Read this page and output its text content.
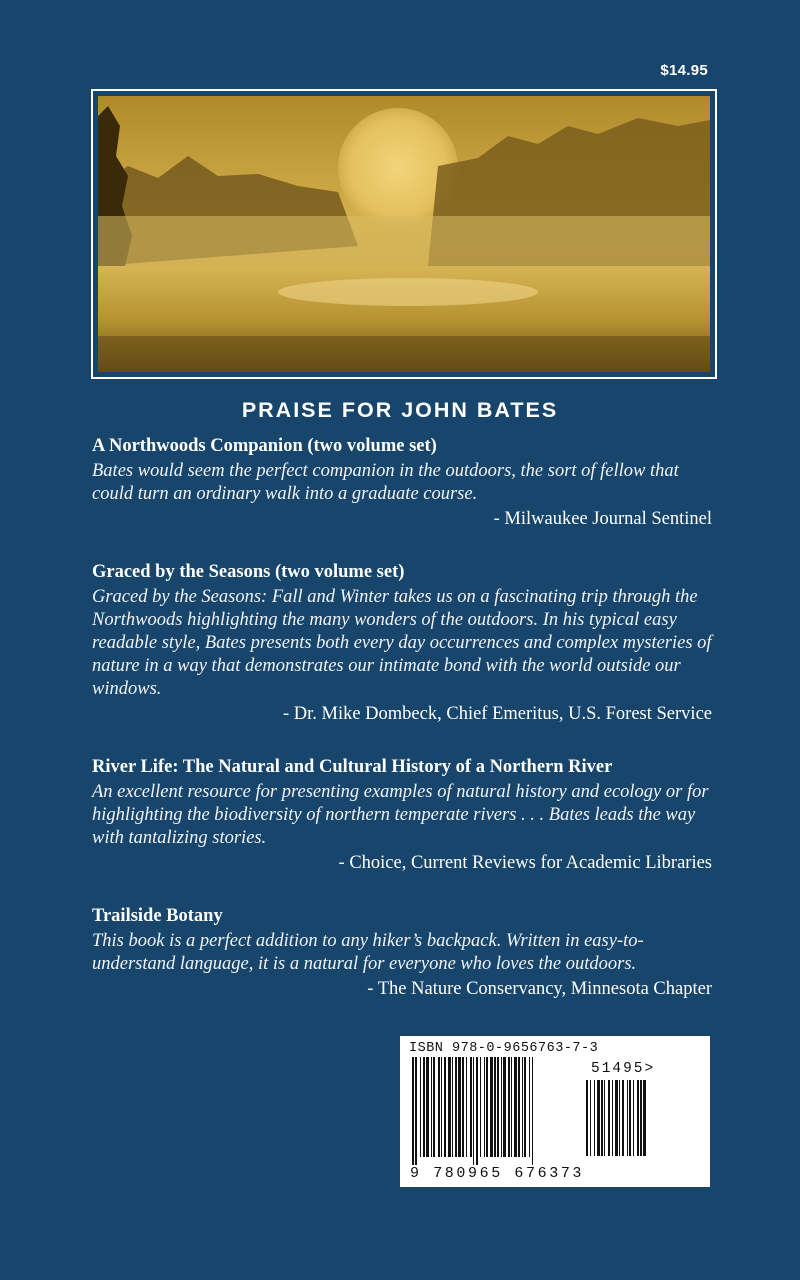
$14.95
PRAISE FOR JOHN BATES
A Northwoods Companion (two volume set)
Bates would seem the perfect companion in the outdoors, the sort of fellow that could turn an ordinary walk into a graduate course.
- Milwaukee Journal Sentinel
Graced by the Seasons (two volume set)
Graced by the Seasons: Fall and Winter takes us on a fascinating trip through the Northwoods highlighting the many wonders of the outdoors. In his typical easy readable style, Bates presents both every day occurrences and complex mysteries of nature in a way that demonstrates our intimate bond with the world outside our windows.
- Dr. Mike Dombeck, Chief Emeritus, U.S. Forest Service
River Life: The Natural and Cultural History of a Northern River
An excellent resource for presenting examples of natural history and ecology or for highlighting the biodiversity of northern temperate rivers . . . Bates leads the way with tantalizing stories.
- Choice, Current Reviews for Academic Libraries
Trailside Botany
This book is a perfect addition to any hiker’s backpack. Written in easy-to-understand language, it is a natural for everyone who loves the outdoors.
- The Nature Conservancy, Minnesota Chapter
ISBN 978-0-9656763-7-3
51495>
9 780965 676373
